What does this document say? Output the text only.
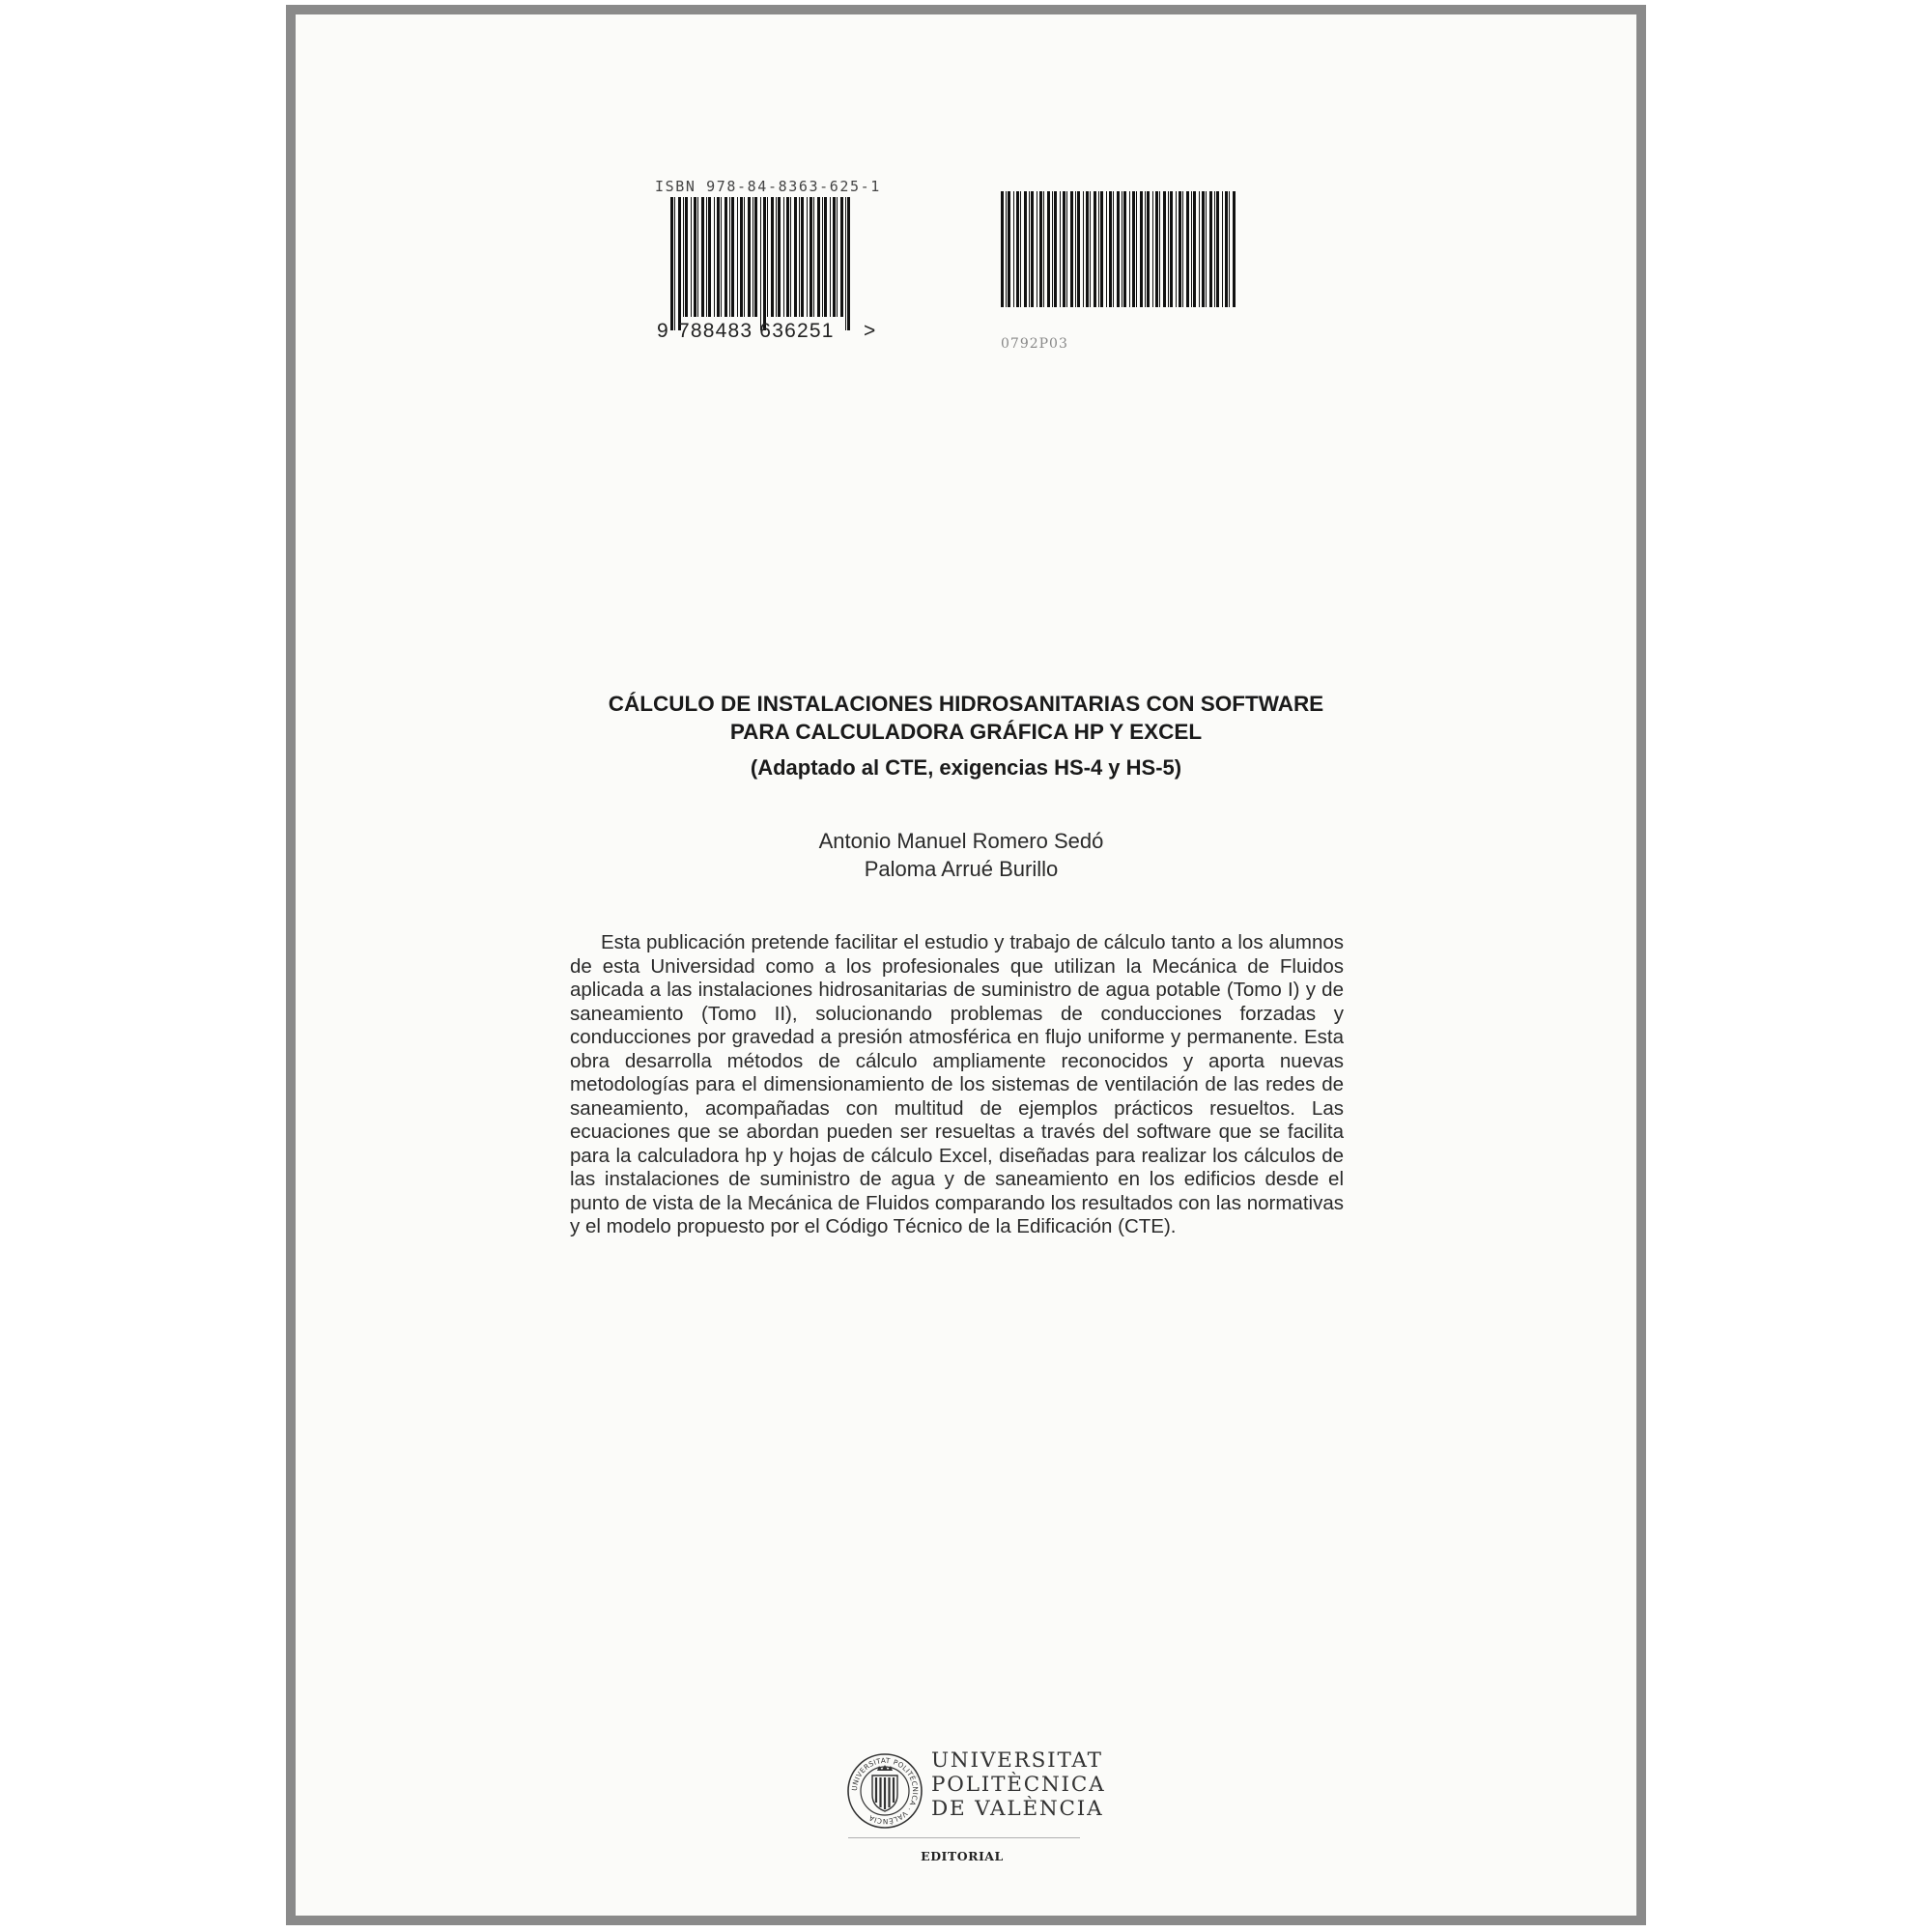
ISBN 978-84-8363-625-1
9 788483 636251 >
0792P03
CÁLCULO DE INSTALACIONES HIDROSANITARIAS CON SOFTWARE
PARA CALCULADORA GRÁFICA HP Y EXCEL
(Adaptado al CTE, exigencias HS-4 y HS-5)
Antonio Manuel Romero Sedó
Paloma Arrué Burillo
Esta publicación pretende facilitar el estudio y trabajo de cálculo tanto a los alumnos de esta Universidad como a los profesionales que utilizan la Mecánica de Fluidos aplicada a las instalaciones hidrosanitarias de suministro de agua potable (Tomo I) y de saneamiento (Tomo II), solucionando problemas de conducciones forzadas y conducciones por gravedad a presión atmosférica en flujo uniforme y permanente. Esta obra desarrolla métodos de cálculo ampliamente reconocidos y aporta nuevas metodologías para el dimensionamiento de los sistemas de ventilación de las redes de saneamiento, acompañadas con multitud de ejemplos prácticos resueltos. Las ecuaciones que se abordan pueden ser resueltas a través del software que se facilita para la calculadora hp y hojas de cálculo Excel, diseñadas para realizar los cálculos de las instalaciones de suministro de agua y de saneamiento en los edificios desde el punto de vista de la Mecánica de Fluidos comparando los resultados con las normativas y el modelo propuesto por el Código Técnico de la Edificación (CTE).
UNIVERSITAT POLITÈCNICA · VALÈNCIA
UNIVERSITAT
POLITÈCNICA
DE VALÈNCIA
EDITORIAL
